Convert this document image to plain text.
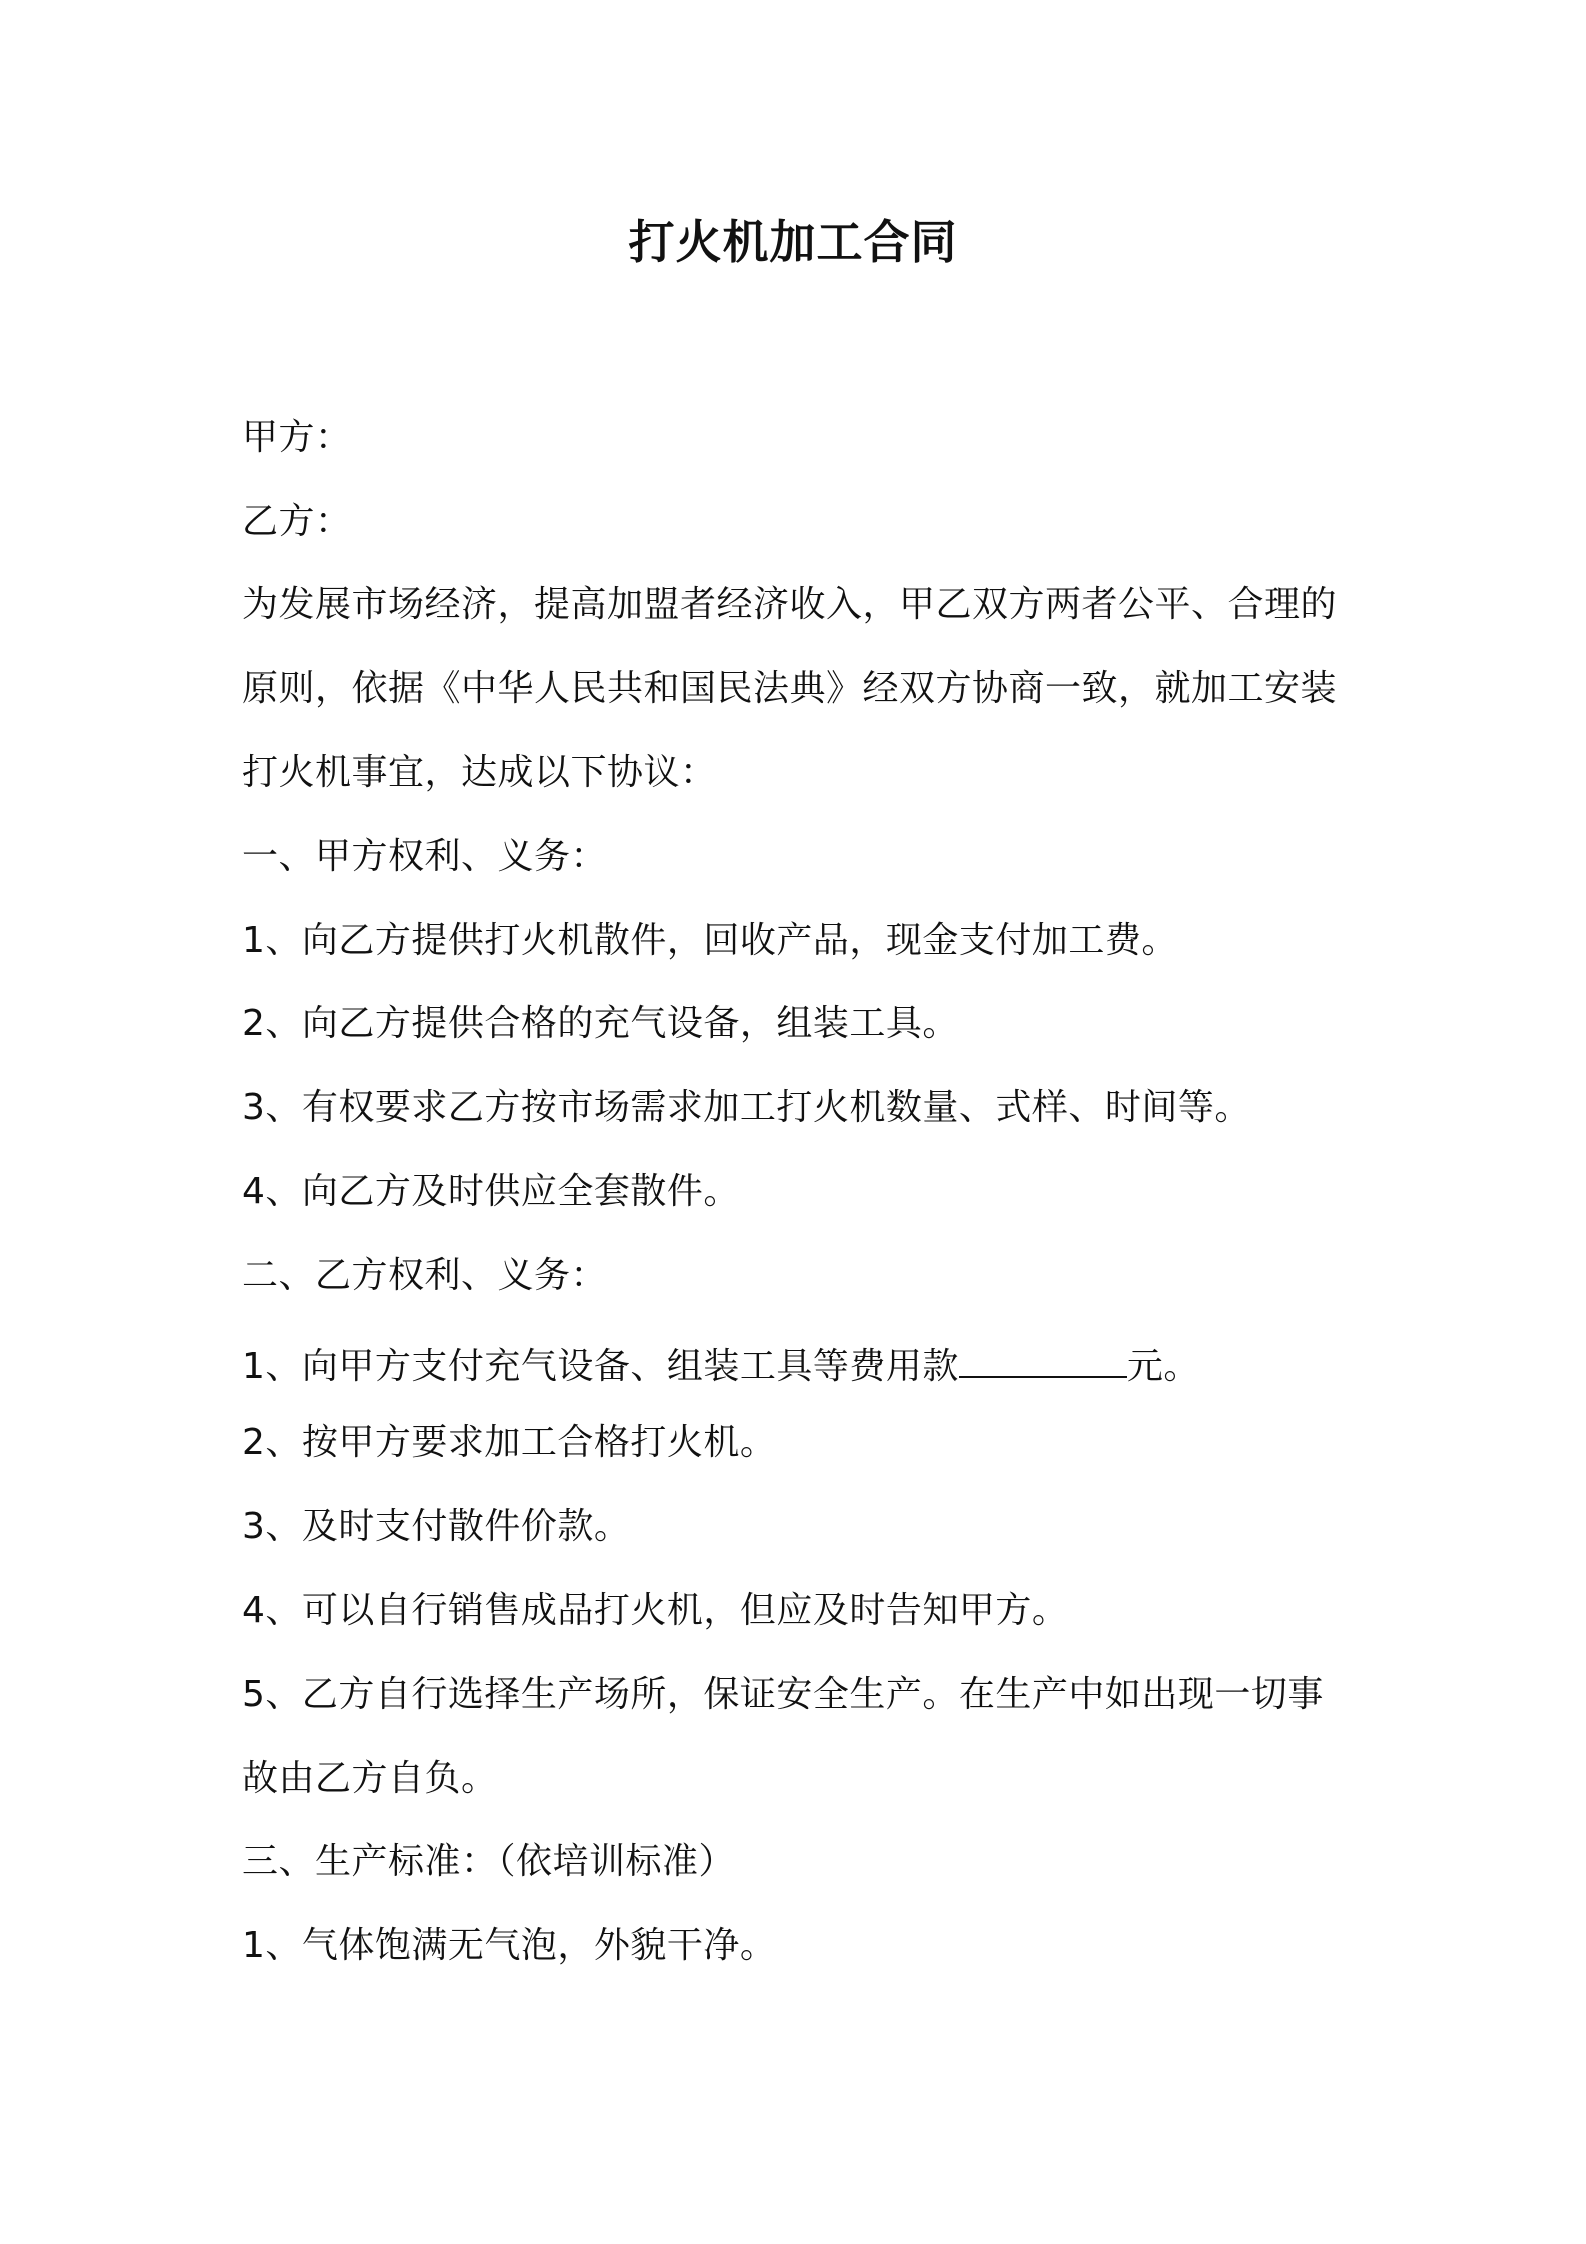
打火机加工合同

甲方：

乙方：

为发展市场经济，提高加盟者经济收入，甲乙双方两者公平、合理的

原则，依据《中华人民共和国民法典》经双方协商一致，就加工安装

打火机事宜，达成以下协议：

一、甲方权利、义务：

1、向乙方提供打火机散件，回收产品，现金支付加工费。

2、向乙方提供合格的充气设备，组装工具。

3、有权要求乙方按市场需求加工打火机数量、式样、时间等。

4、向乙方及时供应全套散件。

二、乙方权利、义务：

1、向甲方支付充气设备、组装工具等费用款	元。

2、按甲方要求加工合格打火机。

3、及时支付散件价款。

4、可以自行销售成品打火机，但应及时告知甲方。

5、乙方自行选择生产场所，保证安全生产。在生产中如出现一切事

故由乙方自负。

三、生产标准：（依培训标准）

1、气体饱满无气泡，外貌干净。
